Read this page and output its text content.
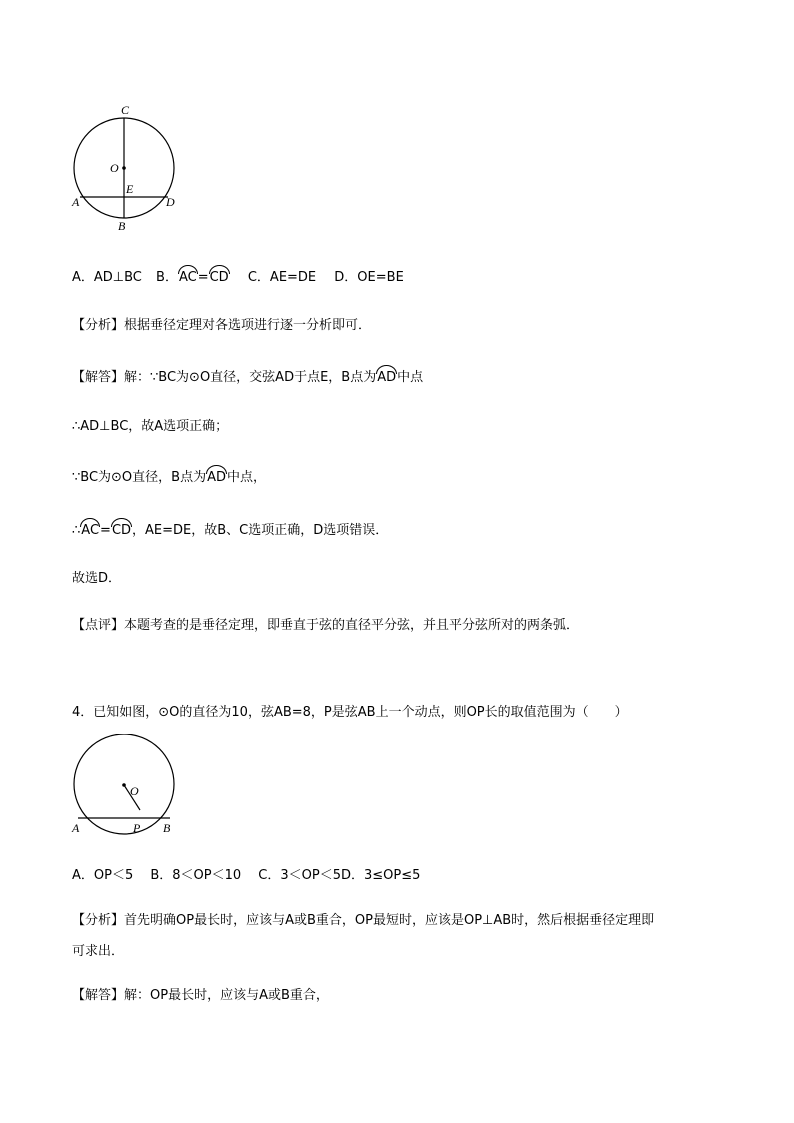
C
O
E
A	D
B
A．AD⊥BC B．AC=CD C．AE=DE D．OE=BE
【分析】根据垂径定理对各选项进行逐一分析即可．
【解答】解：∵BC为⊙O直径，交弦AD于点E，B点为AD中点
∴AD⊥BC，故A选项正确；
∵BC为⊙O直径，B点为AD中点，
∴AC=CD，AE=DE，故B、C选项正确，D选项错误．
故选D．
【点评】本题考查的是垂径定理，即垂直于弦的直径平分弦，并且平分弦所对的两条弧．
4．已知如图，⊙O的直径为10，弦AB=8，P是弦AB上一个动点，则OP长的取值范围为（　　）
O
A	P B
A．OP＜5　 B．8＜OP＜10　 C．3＜OP＜5D．3≤OP≤5
【分析】首先明确OP最长时，应该与A或B重合，OP最短时，应该是OP⊥AB时，然后根据垂径定理即
可求出．
【解答】解：OP最长时，应该与A或B重合，
